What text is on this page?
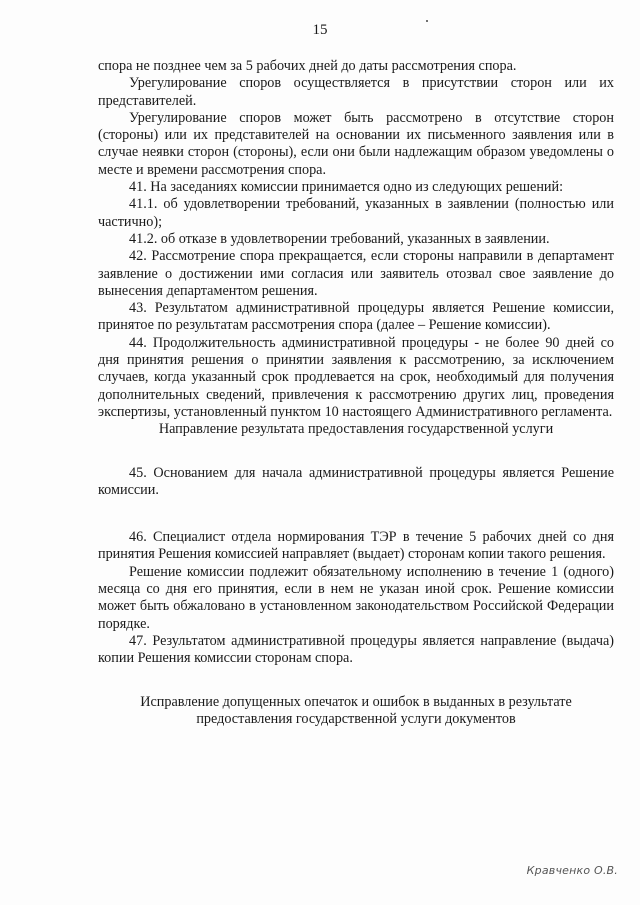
15

спора не позднее чем за 5 рабочих дней до даты рассмотрения спора.

Урегулирование споров осуществляется в присутствии сторон или их представителей.

Урегулирование споров может быть рассмотрено в отсутствие сторон (стороны) или их представителей на основании их письменного заявления или в случае неявки сторон (стороны), если они были надлежащим образом уведомлены о месте и времени рассмотрения спора.

41. На заседаниях комиссии принимается одно из следующих решений:

41.1. об удовлетворении требований, указанных в заявлении (полностью или частично);

41.2. об отказе в удовлетворении требований, указанных в заявлении.

42. Рассмотрение спора прекращается, если стороны направили в департамент заявление о достижении ими согласия или заявитель отозвал свое заявление до вынесения департаментом решения.

43. Результатом административной процедуры является Решение комиссии, принятое по результатам рассмотрения спора (далее – Решение комиссии).

44. Продолжительность административной процедуры - не более 90 дней со дня принятия решения о принятии заявления к рассмотрению, за исключением случаев, когда указанный срок продлевается на срок, необходимый для получения дополнительных сведений, привлечения к рассмотрению других лиц, проведения экспертизы, установленный пунктом 10 настоящего Административного регламента.

Направление результата предоставления государственной услуги

45. Основанием для начала административной процедуры является Решение комиссии.

46. Специалист отдела нормирования ТЭР в течение 5 рабочих дней со дня принятия Решения комиссией направляет (выдает) сторонам копии такого решения.

Решение комиссии подлежит обязательному исполнению в течение 1 (одного) месяца со дня его принятия, если в нем не указан иной срок. Решение комиссии может быть обжаловано в установленном законодательством Российской Федерации порядке.

47. Результатом административной процедуры является направление (выдача) копии Решения комиссии сторонам спора.

Исправление допущенных опечаток и ошибок в выданных в результате

предоставления государственной услуги документов

Кравченко О.В.
